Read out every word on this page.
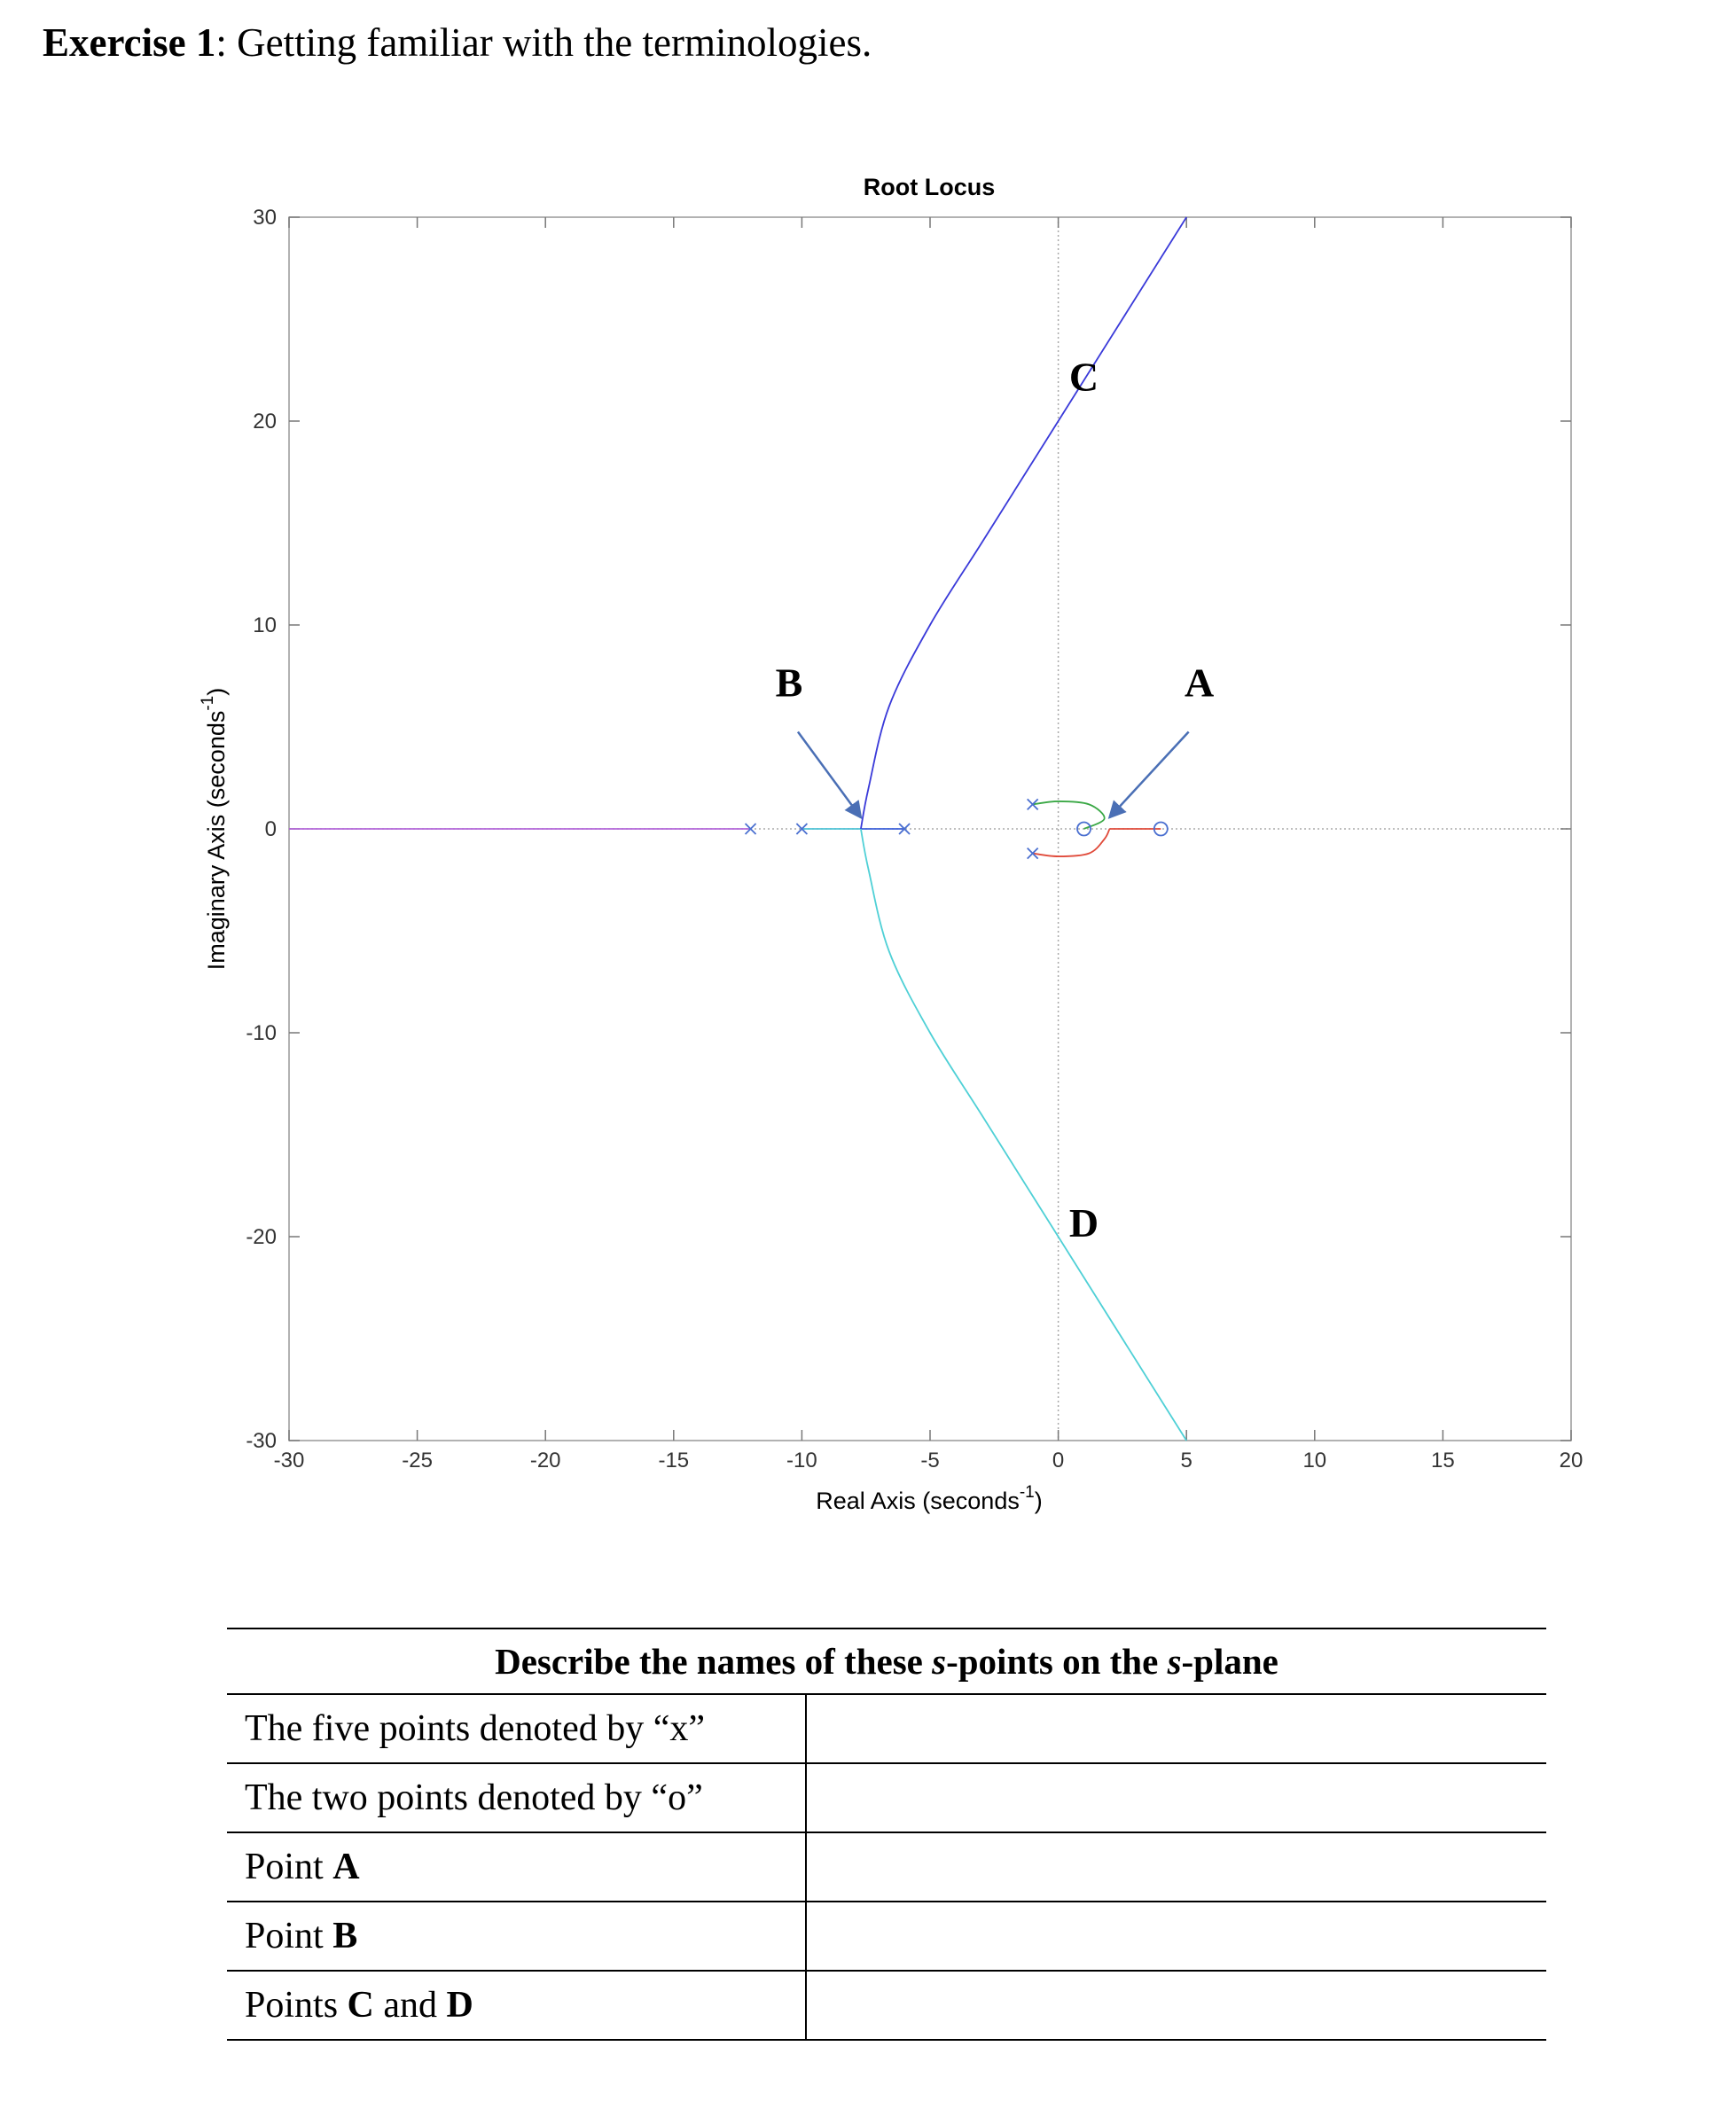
Exercise 1: Getting familiar with the terminologies.
Root Locus
-30	-25	-20	-15	-10	-5	0	5	10	15	20
30
20
10
0
-10
-20
-30
A
B
C
D
Real Axis (seconds$^{-1}$)
Imaginary Axis (seconds$^{-1}$)
Describe the names of these s-points on the s-plane	
The five points denoted by “x”	
The two points denoted by “o”	
Point A	
Point B	
Points C and D	
